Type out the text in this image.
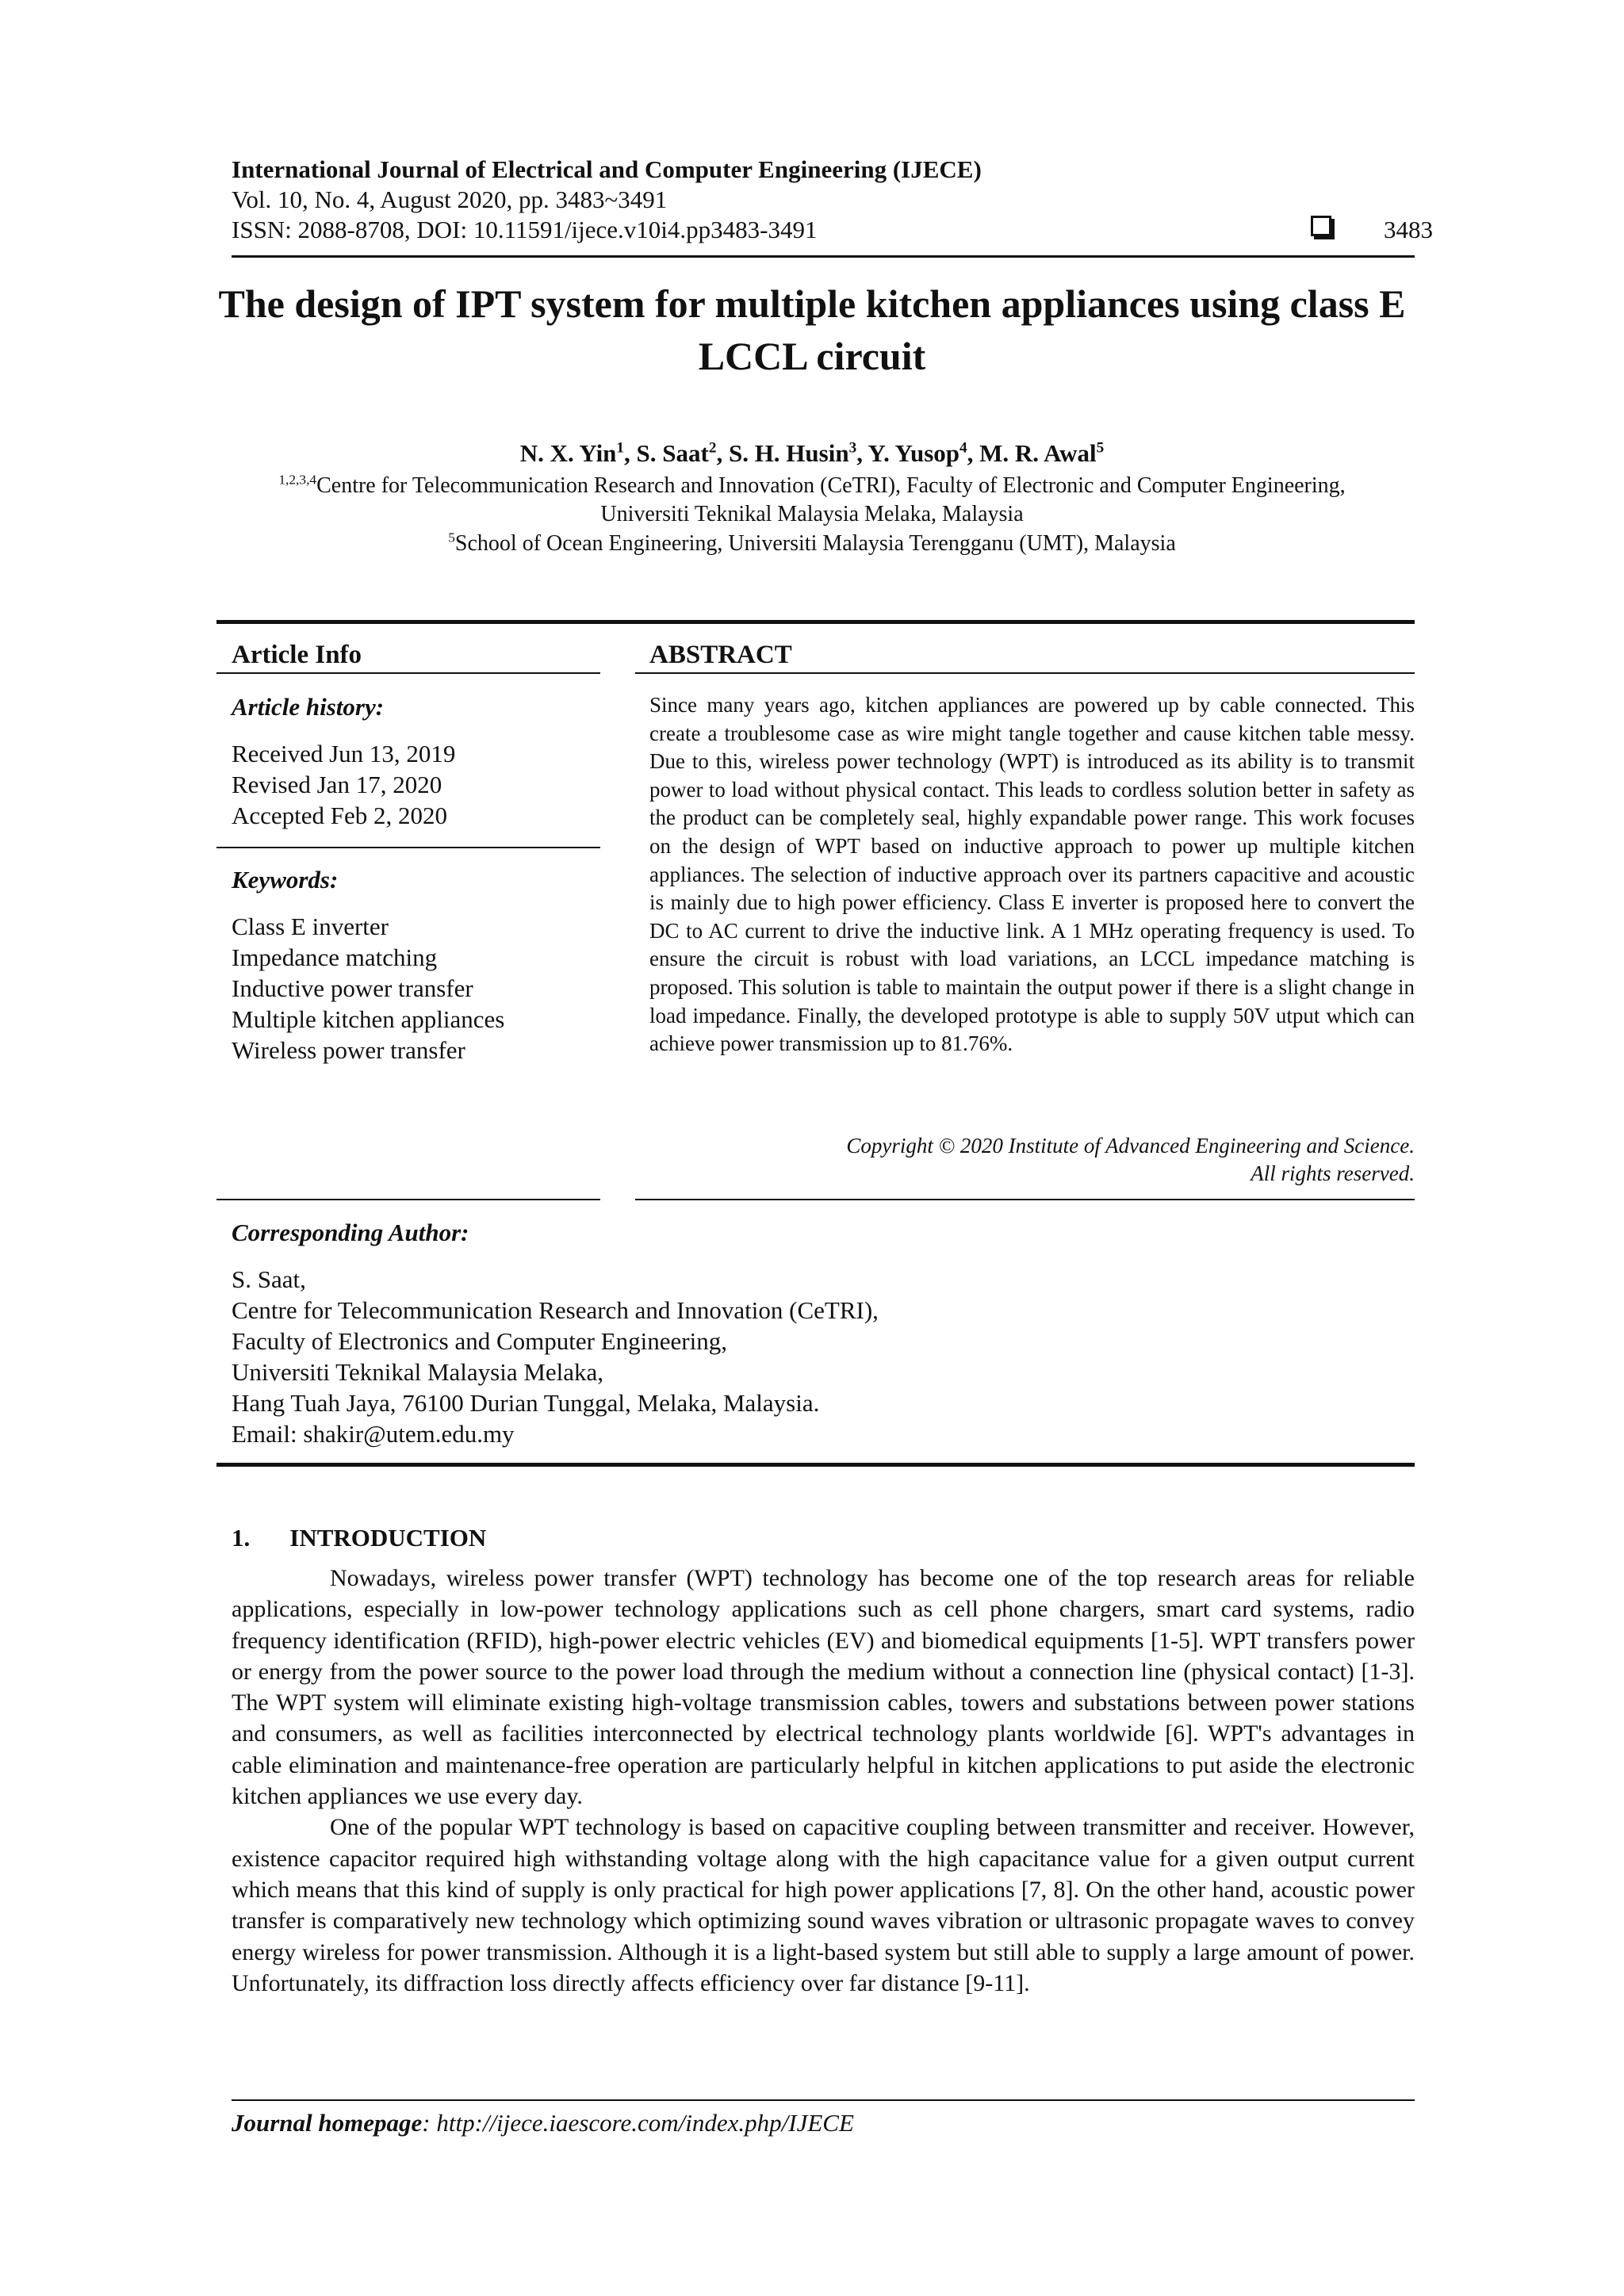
International Journal of Electrical and Computer Engineering (IJECE)
Vol. 10, No. 4, August 2020, pp. 3483~3491
ISSN: 2088-8708, DOI: 10.11591/ijece.v10i4.pp3483-3491	3483
The design of IPT system for multiple kitchen appliances using class E LCCL circuit
N. X. Yin$^1$, S. Saat$^2$, S. H. Husin$^3$, Y. Yusop$^4$, M. R. Awal$^5$
$^{1,2,3,4}$Centre for Telecommunication Research and Innovation (CeTRI), Faculty of Electronic and Computer Engineering,
Universiti Teknikal Malaysia Melaka, Malaysia
$^5$School of Ocean Engineering, Universiti Malaysia Terengganu (UMT), Malaysia
Article Info
Article history:
Received Jun 13, 2019
Revised Jan 17, 2020
Accepted Feb 2, 2020
Keywords:
Class E inverter
Impedance matching
Inductive power transfer
Multiple kitchen appliances
Wireless power transfer
ABSTRACT

Since many years ago, kitchen appliances are powered up by cable connected. This create a troublesome case as wire might tangle together and cause kitchen table messy. Due to this, wireless power technology (WPT) is introduced as its ability is to transmit power to load without physical contact. This leads to cordless solution better in safety as the product can be completely seal, highly expandable power range. This work focuses on the design of WPT based on inductive approach to power up multiple kitchen appliances. The selection of inductive approach over its partners capacitive and acoustic is mainly due to high power efficiency. Class E inverter is proposed here to convert the DC to AC current to drive the inductive link. A 1 MHz operating frequency is used. To ensure the circuit is robust with load variations, an LCCL impedance matching is proposed. This solution is table to maintain the output power if there is a slight change in load impedance. Finally, the developed prototype is able to supply 50V utput which can achieve power transmission up to 81.76%.

Copyright © 2020 Institute of Advanced Engineering and Science.
All rights reserved.
Corresponding Author:
S. Saat,
Centre for Telecommunication Research and Innovation (CeTRI),
Faculty of Electronics and Computer Engineering,
Universiti Teknikal Malaysia Melaka,
Hang Tuah Jaya, 76100 Durian Tunggal, Melaka, Malaysia.
Email: shakir@utem.edu.my
1. INTRODUCTION

Nowadays, wireless power transfer (WPT) technology has become one of the top research areas for reliable applications, especially in low-power technology applications such as cell phone chargers, smart card systems, radio frequency identification (RFID), high-power electric vehicles (EV) and biomedical equipments [1-5]. WPT transfers power or energy from the power source to the power load through the medium without a connection line (physical contact) [1-3]. The WPT system will eliminate existing high-voltage transmission cables, towers and substations between power stations and consumers, as well as facilities interconnected by electrical technology plants worldwide [6]. WPT's advantages in cable elimination and maintenance-free operation are particularly helpful in kitchen applications to put aside the electronic kitchen appliances we use every day.

One of the popular WPT technology is based on capacitive coupling between transmitter and receiver. However, existence capacitor required high withstanding voltage along with the high capacitance value for a given output current which means that this kind of supply is only practical for high power applications [7, 8]. On the other hand, acoustic power transfer is comparatively new technology which optimizing sound waves vibration or ultrasonic propagate waves to convey energy wireless for power transmission. Although it is a light-based system but still able to supply a large amount of power. Unfortunately, its diffraction loss directly affects efficiency over far distance [9-11].

Journal homepage: http://ijece.iaescore.com/index.php/IJECE
